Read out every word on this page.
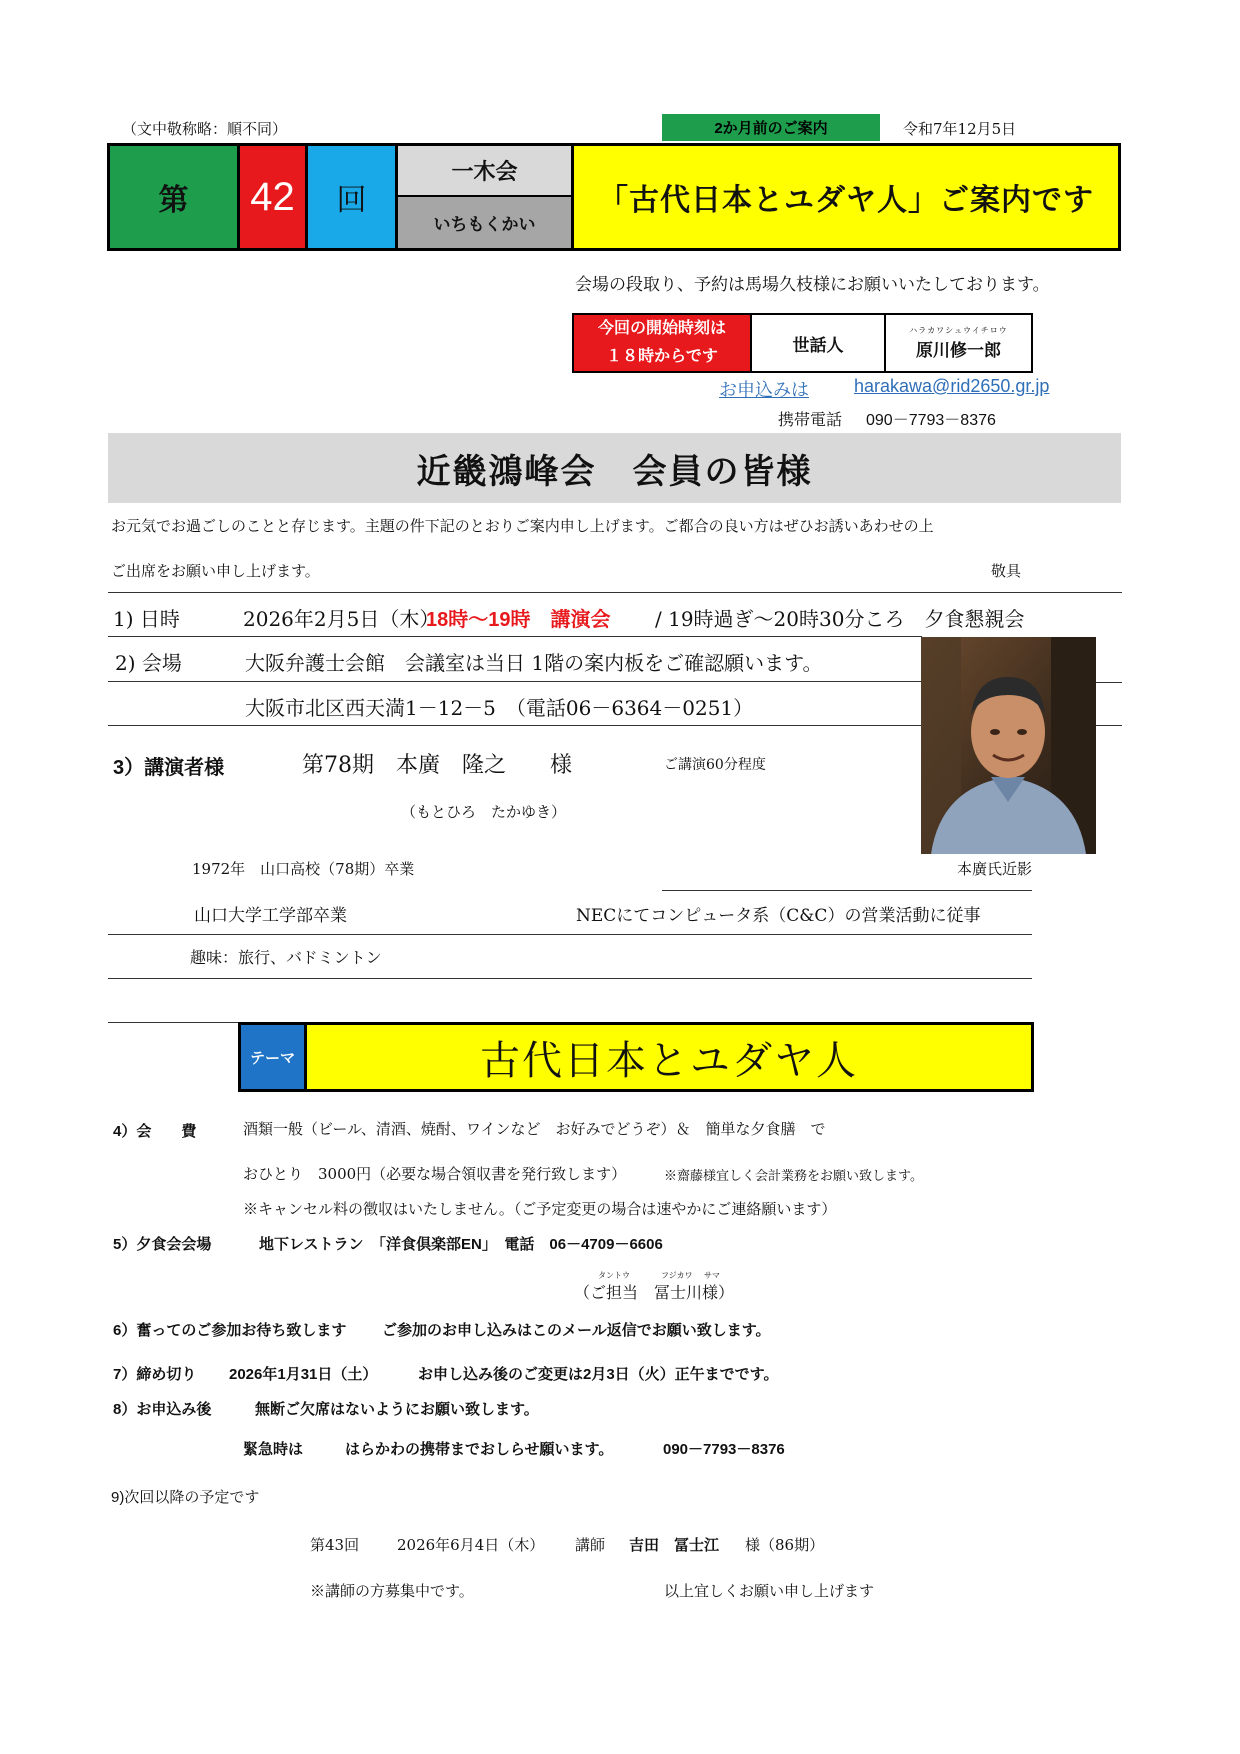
（文中敬称略：順不同）	2か月前のご案内	令和7年12月5日
第	42	回
一木会
いちもくかい
「古代日本とユダヤ人」ご案内です
会場の段取り、予約は馬場久枝様にお願いいたしております。
今回の開始時刻は
１８時からです
世話人
ハラカワシュウイチロウ
原川修一郎
お申込みは	harakawa@rid2650.gr.jp
携帯電話 090－7793－8376
近畿鴻峰会　会員の皆様
お元気でお過ごしのことと存じます。主題の件下記のとおりご案内申し上げます。ご都合の良い方はぜひお誘いあわせの上
ご出席をお願い申し上げます。	敬具
1) 日時	2026年2月5日（木）
18時～19時　講演会 / 19時過ぎ～20時30分ころ　夕食懇親会
2) 会場	大阪弁護士会館　会議室は当日 1階の案内板をご確認願います。
大阪市北区西天満1－12－5　（電話06－6364－0251）
3）講演者様	第78期　本廣　隆之　　様	ご講演60分程度
（もとひろ　たかゆき）
1972年　山口高校（78期）卒業	本廣氏近影
山口大学工学部卒業	NECにてコンピュータ系（C&C）の営業活動に従事
趣味：旅行、バドミントン
テーマ	古代日本とユダヤ人
4）会　　費	酒類一般（ビール、清酒、焼酎、ワインなど　お好みでどうぞ）＆　簡単な夕食膳　で
おひとり　3000円（必要な場合領収書を発行致します）	※齋藤様宜しく会計業務をお願い致します。
※キャンセル料の徴収はいたしません。（ご予定変更の場合は速やかにご連絡願います）
5）夕食会会場	地下レストラン　「洋食倶楽部EN」　電話　06－4709－6606
タントウ	フジカワ サマ
（ご担当　冨士川様）
6）奮ってのご参加お待ち致します ご参加のお申し込みはこのメール返信でお願い致します。
7）締め切り 2026年1月31日（土）	お申し込み後のご変更は2月3日（火）正午までです。
8）お申込み後	無断ご欠席はないようにお願い致します。
緊急時は	はらかわの携帯までおしらせ願います。	090－7793－8376
9)次回以降の予定です
第43回	2026年6月4日（木） 講師 吉田　冨士江 様（86期）
※講師の方募集中です。	以上宜しくお願い申し上げます
